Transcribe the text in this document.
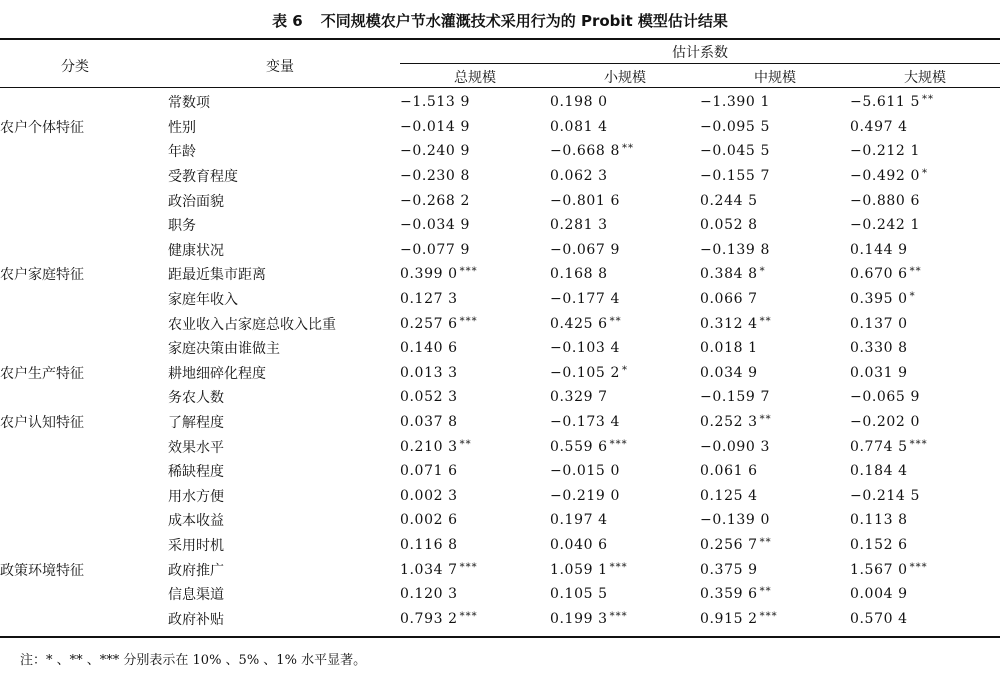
表 6 不同规模农户节水灌溉技术采用行为的 Probit 模型估计结果
分类	变量
估计系数
总规模	小规模	中规模	大规模
	常数项	−1.513 9	0.198 0	−1.390 1	−5.611 5 **
农户个体特征	性别	−0.014 9	0.081 4	−0.095 5	0.497 4
	年龄	−0.240 9	−0.668 8 **	−0.045 5	−0.212 1
	受教育程度	−0.230 8	0.062 3	−0.155 7	−0.492 0 *
	政治面貌	−0.268 2	−0.801 6	0.244 5	−0.880 6
	职务	−0.034 9	0.281 3	0.052 8	−0.242 1
	健康状况	−0.077 9	−0.067 9	−0.139 8	0.144 9
农户家庭特征	距最近集市距离	0.399 0 ***	0.168 8	0.384 8 *	0.670 6 **
	家庭年收入	0.127 3	−0.177 4	0.066 7	0.395 0 *
	农业收入占家庭总收入比重	0.257 6 ***	0.425 6 **	0.312 4 **	0.137 0
	家庭决策由谁做主	0.140 6	−0.103 4	0.018 1	0.330 8
农户生产特征	耕地细碎化程度	0.013 3	−0.105 2 *	0.034 9	0.031 9
	务农人数	0.052 3	0.329 7	−0.159 7	−0.065 9
农户认知特征	了解程度	0.037 8	−0.173 4	0.252 3 **	−0.202 0
	效果水平	0.210 3 **	0.559 6 ***	−0.090 3	0.774 5 ***
	稀缺程度	0.071 6	−0.015 0	0.061 6	0.184 4
	用水方便	0.002 3	−0.219 0	0.125 4	−0.214 5
	成本收益	0.002 6	0.197 4	−0.139 0	0.113 8
	采用时机	0.116 8	0.040 6	0.256 7 **	0.152 6
政策环境特征	政府推广	1.034 7 ***	1.059 1 ***	0.375 9	1.567 0 ***
	信息渠道	0.120 3	0.105 5	0.359 6 **	0.004 9
	政府补贴	0.793 2 ***	0.199 3 ***	0.915 2 ***	0.570 4
注：* 、** 、*** 分别表示在 10% 、5% 、1% 水平显著。
